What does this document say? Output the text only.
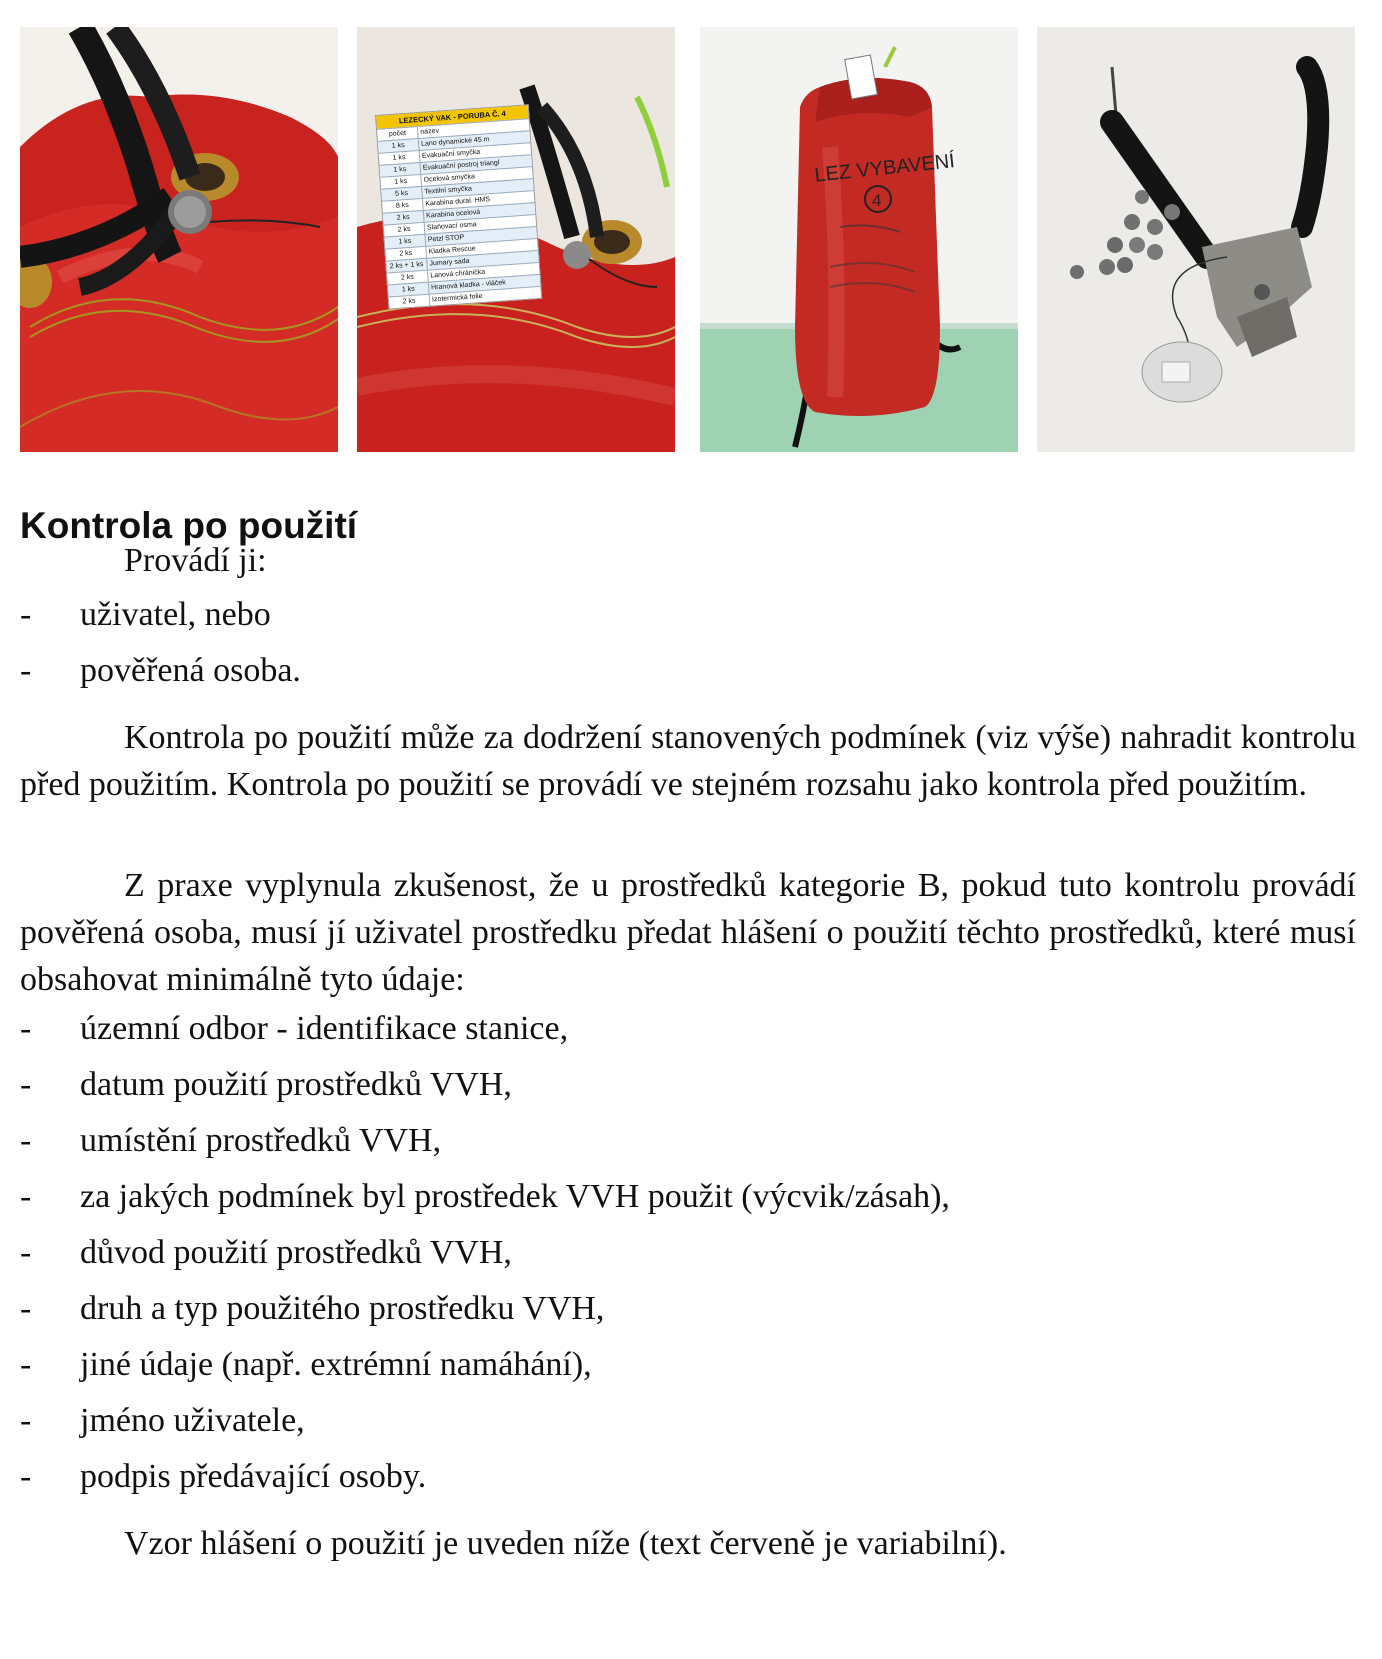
LEZECKÝ VAK - PORUBA Č. 4
počet	název
1 ks	Lano dynamické 45 m
1 ks	Evakuační smyčka
1 ks	Evakuační postroj triangl
1 ks	Ocelová smyčka
5 ks	Textilní smyčka
8 ks	Karabina dural. HMS
2 ks	Karabina ocelová
2 ks	Slaňovací osma
1 ks	Petzl STOP
2 ks	Kladka Rescue
2 ks + 1 ks Jumary sada
2 ks	Lanová chránička
1 ks	Hranová kladka - vláček
2 ks	Izotermická folie
LEZ VYBAVENÍ
4
Kontrola po použití

Provádí ji:

- uživatel, nebo
- pověřená osoba.

Kontrola po použití může za dodržení stanovených podmínek (viz výše) nahradit kontrolu před použitím. Kontrola po použití se provádí ve stejném rozsahu jako kontrola před použitím.

Z praxe vyplynula zkušenost, že u prostředků kategorie B, pokud tuto kontrolu provádí pověřená osoba, musí jí uživatel prostředku předat hlášení o použití těchto prostředků, které musí obsahovat minimálně tyto údaje:

- územní odbor - identifikace stanice,
- datum použití prostředků VVH,
- umístění prostředků VVH,
- za jakých podmínek byl prostředek VVH použit (výcvik/zásah),
- důvod použití prostředků VVH,
- druh a typ použitého prostředku VVH,
- jiné údaje (např. extrémní namáhání),
- jméno uživatele,
- podpis předávající osoby.

Vzor hlášení o použití je uveden níže (text červeně je variabilní).
